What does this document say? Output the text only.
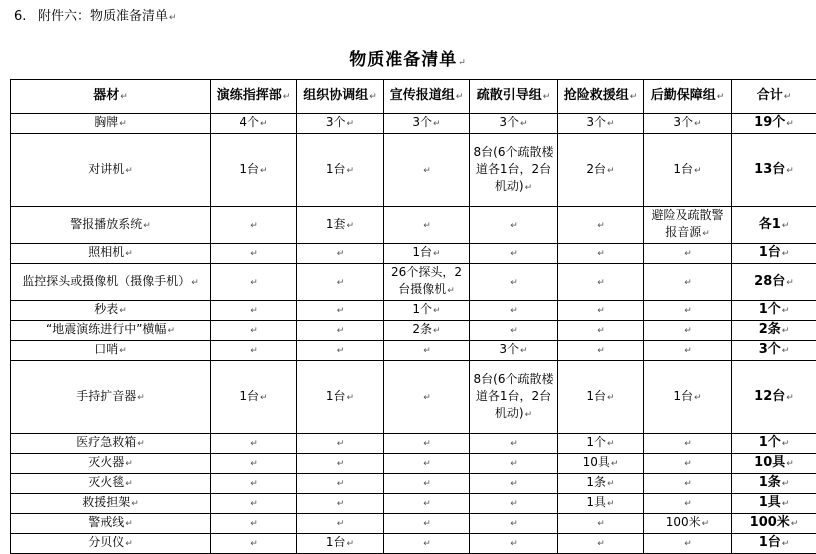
6. 附件六：物质准备清单↵
物质准备清单↵
器材↵	演练指挥部↵	组织协调组↵	宣传报道组↵	疏散引导组↵	抢险救援组↵	后勤保障组↵	合计↵
胸牌↵	4个↵	3个↵	3个↵	3个↵	3个↵	3个↵	19个↵
对讲机↵	1台↵	1台↵	↵	8台(6个疏散楼道各1台，2台机动)↵	2台↵	1台↵	13台↵
警报播放系统↵	↵	1套↵	↵	↵	↵	避险及疏散警报音源↵	各1↵
照相机↵	↵	↵	1台↵	↵	↵	↵	1台↵
监控探头或摄像机（摄像手机）↵	↵	↵	26个探头，2台摄像机↵	↵	↵	↵	28台↵
秒表↵	↵	↵	1个↵	↵	↵	↵	1个↵
“地震演练进行中”横幅↵	↵	↵	2条↵	↵	↵	↵	2条↵
口哨↵	↵	↵	↵	3个↵	↵	↵	3个↵
手持扩音器↵	1台↵	1台↵	↵	8台(6个疏散楼道各1台，2台机动)↵	1台↵	1台↵	12台↵
医疗急救箱↵	↵	↵	↵	↵	1个↵	↵	1个↵
灭火器↵	↵	↵	↵	↵	10具↵	↵	10具↵
灭火毯↵	↵	↵	↵	↵	1条↵	↵	1条↵
救援担架↵	↵	↵	↵	↵	1具↵	↵	1具↵
警戒线↵	↵	↵	↵	↵	↵	100米↵	100米↵
分贝仪↵	↵	1台↵	↵	↵	↵	↵	1台↵
